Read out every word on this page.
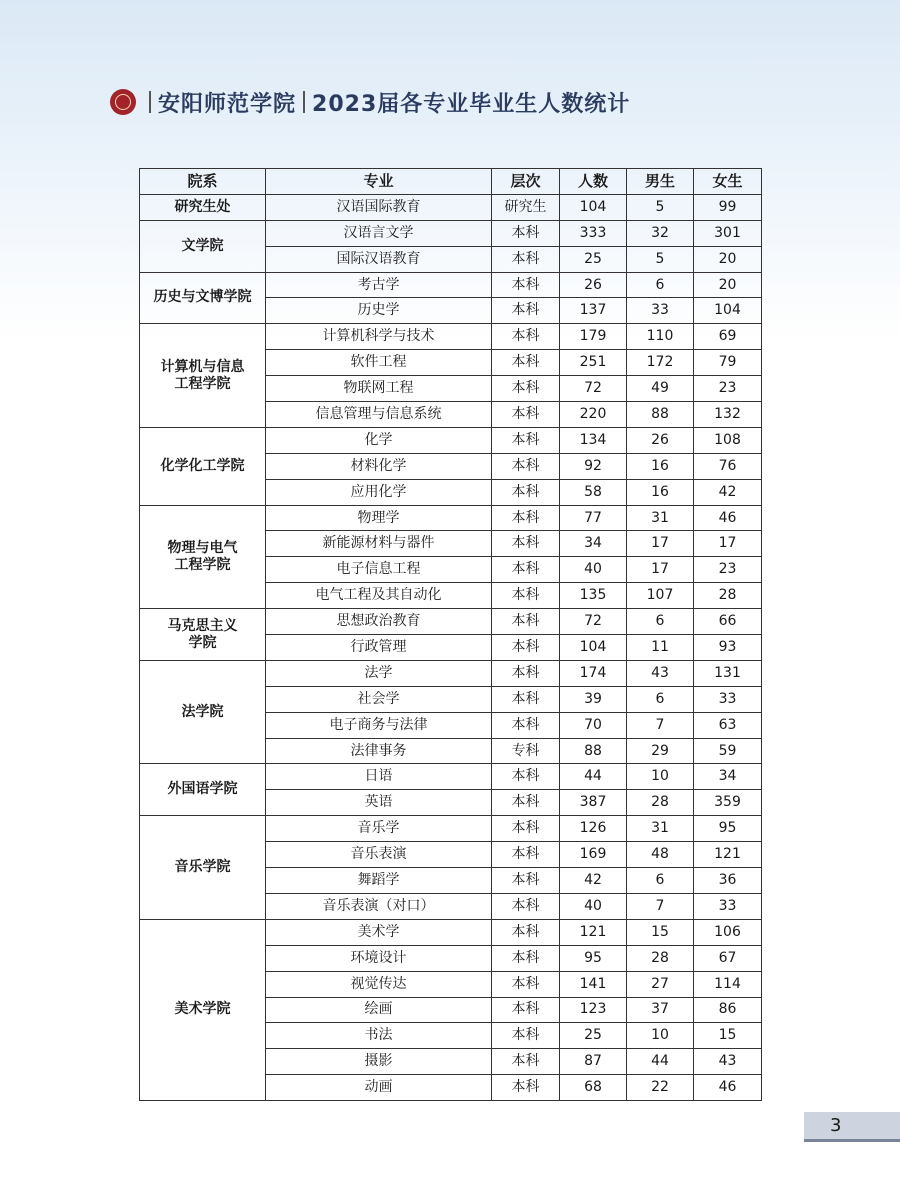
安阳师范学院 2023届各专业毕业生人数统计
院系	专业	层次	人数	男生	女生
研究生处	汉语国际教育	研究生	104	5	99
文学院	汉语言文学	本科	333	32	301
	国际汉语教育	本科	25	5	20
历史与文博学院	考古学	本科	26	6	20
	历史学	本科	137	33	104
计算机与信息
工程学院	计算机科学与技术	本科	179	110	69
	软件工程	本科	251	172	79
	物联网工程	本科	72	49	23
	信息管理与信息系统	本科	220	88	132
化学化工学院	化学	本科	134	26	108
	材料化学	本科	92	16	76
	应用化学	本科	58	16	42
物理与电气
工程学院	物理学	本科	77	31	46
	新能源材料与器件	本科	34	17	17
	电子信息工程	本科	40	17	23
	电气工程及其自动化	本科	135	107	28
马克思主义
学院	思想政治教育	本科	72	6	66
	行政管理	本科	104	11	93
法学院	法学	本科	174	43	131
	社会学	本科	39	6	33
	电子商务与法律	本科	70	7	63
	法律事务	专科	88	29	59
外国语学院	日语	本科	44	10	34
	英语	本科	387	28	359
音乐学院	音乐学	本科	126	31	95
	音乐表演	本科	169	48	121
	舞蹈学	本科	42	6	36
	音乐表演（对口）	本科	40	7	33
美术学院	美术学	本科	121	15	106
	环境设计	本科	95	28	67
	视觉传达	本科	141	27	114
	绘画	本科	123	37	86
	书法	本科	25	10	15
	摄影	本科	87	44	43
	动画	本科	68	22	46
3
